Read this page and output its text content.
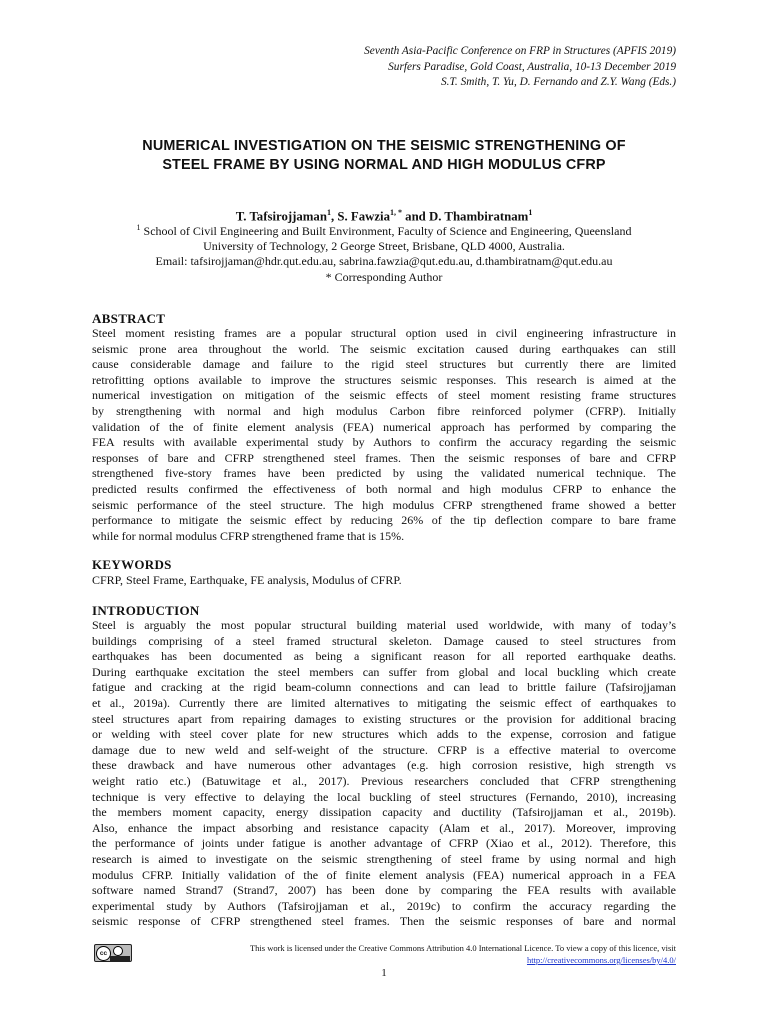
Seventh Asia-Pacific Conference on FRP in Structures (APFIS 2019)
Surfers Paradise, Gold Coast, Australia, 10-13 December 2019
S.T. Smith, T. Yu, D. Fernando and Z.Y. Wang (Eds.)
NUMERICAL INVESTIGATION ON THE SEISMIC STRENGTHENING OF
STEEL FRAME BY USING NORMAL AND HIGH MODULUS CFRP
T. Tafsirojjaman$^1$, S. Fawzia$^{1, *}$ and D. Thambiratnam$^1$
$^1$ School of Civil Engineering and Built Environment, Faculty of Science and Engineering, Queensland
University of Technology, 2 George Street, Brisbane, QLD 4000, Australia.
Email: tafsirojjaman@hdr.qut.edu.au, sabrina.fawzia@qut.edu.au, d.thambiratnam@qut.edu.au
* Corresponding Author
ABSTRACT
Steel moment resisting frames are a popular structural option used in civil engineering infrastructure in
seismic prone area throughout the world. The seismic excitation caused during earthquakes can still
cause considerable damage and failure to the rigid steel structures but currently there are limited
retrofitting options available to improve the structures seismic responses. This research is aimed at the
numerical investigation on mitigation of the seismic effects of steel moment resisting frame structures
by strengthening with normal and high modulus Carbon fibre reinforced polymer (CFRP). Initially
validation of the of finite element analysis (FEA) numerical approach has performed by comparing the
FEA results with available experimental study by Authors to confirm the accuracy regarding the seismic
responses of bare and CFRP strengthened steel frames. Then the seismic responses of bare and CFRP
strengthened five-story frames have been predicted by using the validated numerical technique. The
predicted results confirmed the effectiveness of both normal and high modulus CFRP to enhance the
seismic performance of the steel structure. The high modulus CFRP strengthened frame showed a better
performance to mitigate the seismic effect by reducing 26% of the tip deflection compare to bare frame
while for normal modulus CFRP strengthened frame that is 15%.
KEYWORDS
CFRP, Steel Frame, Earthquake, FE analysis, Modulus of CFRP.
INTRODUCTION
Steel is arguably the most popular structural building material used worldwide, with many of today’s
buildings comprising of a steel framed structural skeleton. Damage caused to steel structures from
earthquakes has been documented as being a significant reason for all reported earthquake deaths.
During earthquake excitation the steel members can suffer from global and local buckling which create
fatigue and cracking at the rigid beam-column connections and can lead to brittle failure (Tafsirojjaman
et al., 2019a). Currently there are limited alternatives to mitigating the seismic effect of earthquakes to
steel structures apart from repairing damages to existing structures or the provision for additional bracing
or welding with steel cover plate for new structures which adds to the expense, corrosion and fatigue
damage due to new weld and self-weight of the structure. CFRP is a effective material to overcome
these drawback and have numerous other advantages (e.g. high corrosion resistive, high strength vs
weight ratio etc.) (Batuwitage et al., 2017). Previous researchers concluded that CFRP strengthening
technique is very effective to delaying the local buckling of steel structures (Fernando, 2010), increasing
the members moment capacity, energy dissipation capacity and ductility (Tafsirojjaman et al., 2019b).
Also, enhance the impact absorbing and resistance capacity (Alam et al., 2017). Moreover, improving
the performance of joints under fatigue is another advantage of CFRP (Xiao et al., 2012). Therefore, this
research is aimed to investigate on the seismic strengthening of steel frame by using normal and high
modulus CFRP. Initially validation of the of finite element analysis (FEA) numerical approach in a FEA
software named Strand7 (Strand7, 2007) has been done by comparing the FEA results with available
experimental study by Authors (Tafsirojjaman et al., 2019c) to confirm the accuracy regarding the
seismic response of CFRP strengthened steel frames. Then the seismic responses of bare and normal
cc
This work is licensed under the Creative Commons Attribution 4.0 International Licence. To view a copy of this licence, visit
http://creativecommons.org/licenses/by/4.0/
1
